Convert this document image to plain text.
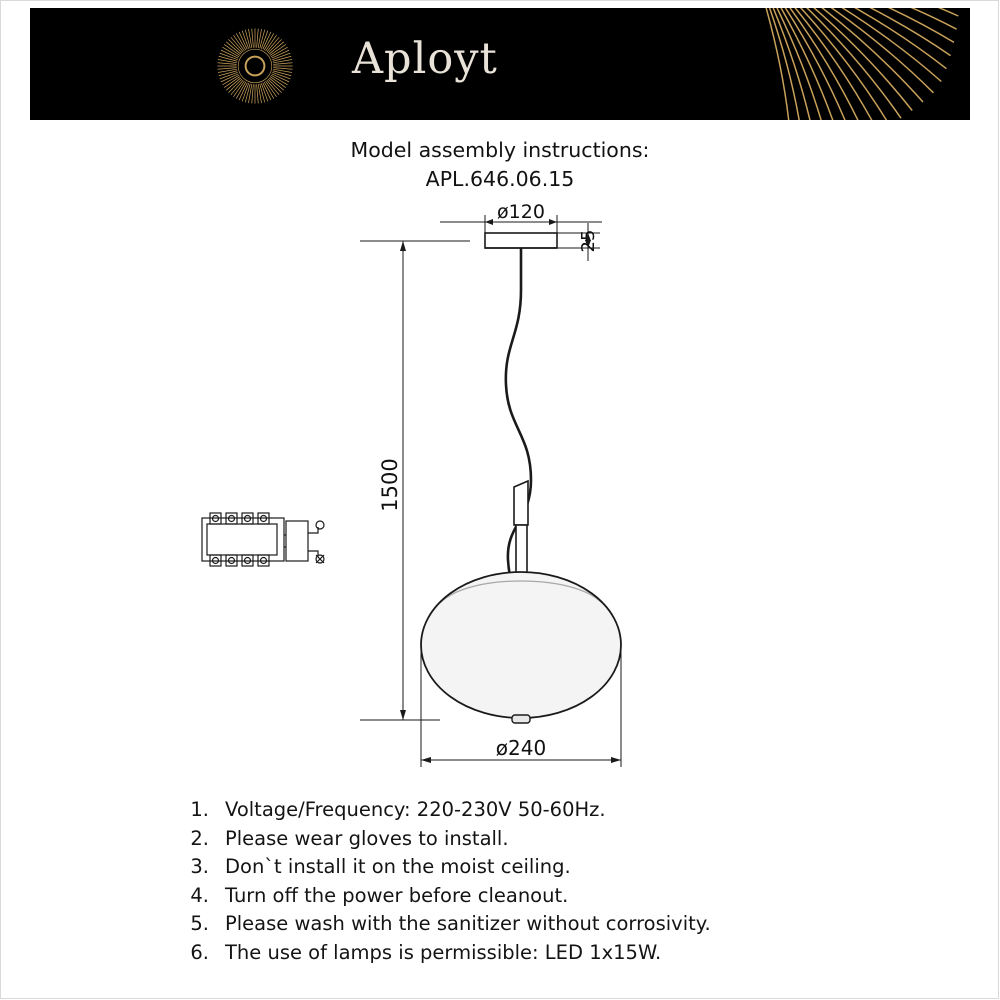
Aployt
Model assembly instructions:
APL.646.06.15
ø120
25
1500
ø240
1. Voltage/Frequency: 220-230V 50-60Hz.
2. Please wear gloves to install.
3. Don`t install it on the moist ceiling.
4. Turn off the power before cleanout.
5. Please wash with the sanitizer without corrosivity.
6. The use of lamps is permissible: LED 1x15W.
